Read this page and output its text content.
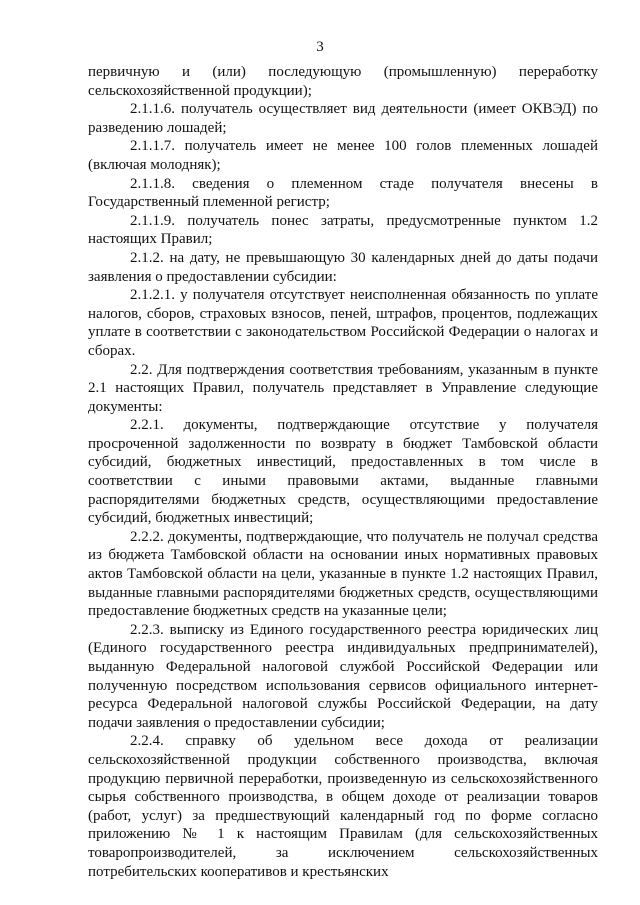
3

первичную и (или) последующую (промышленную) переработку сельскохозяйственной продукции);

2.1.1.6. получатель осуществляет вид деятельности (имеет ОКВЭД) по разведению лошадей;

2.1.1.7. получатель имеет не менее 100 голов племенных лошадей (включая молодняк);

2.1.1.8. сведения о племенном стаде получателя внесены в Государственный племенной регистр;

2.1.1.9. получатель понес затраты, предусмотренные пунктом 1.2 настоящих Правил;

2.1.2. на дату, не превышающую 30 календарных дней до даты подачи заявления о предоставлении субсидии:

2.1.2.1. у получателя отсутствует неисполненная обязанность по уплате налогов, сборов, страховых взносов, пеней, штрафов, процентов, подлежащих уплате в соответствии с законодательством Российской Федерации о налогах и сборах.

2.2. Для подтверждения соответствия требованиям, указанным в пункте 2.1 настоящих Правил, получатель представляет в Управление следующие документы:

2.2.1. документы, подтверждающие отсутствие у получателя просроченной задолженности по возврату в бюджет Тамбовской области субсидий, бюджетных инвестиций, предоставленных в том числе в соответствии с иными правовыми актами, выданные главными распорядителями бюджетных средств, осуществляющими предоставление субсидий, бюджетных инвестиций;

2.2.2. документы, подтверждающие, что получатель не получал средства из бюджета Тамбовской области на основании иных нормативных правовых актов Тамбовской области на цели, указанные в пункте 1.2 настоящих Правил, выданные главными распорядителями бюджетных средств, осуществляющими предоставление бюджетных средств на указанные цели;

2.2.3. выписку из Единого государственного реестра юридических лиц (Единого государственного реестра индивидуальных предпринимателей), выданную Федеральной налоговой службой Российской Федерации или полученную посредством использования сервисов официального интернет-ресурса Федеральной налоговой службы Российской Федерации, на дату подачи заявления о предоставлении субсидии;

2.2.4. справку об удельном весе дохода от реализации сельскохозяйственной продукции собственного производства, включая продукцию первичной переработки, произведенную из сельскохозяйственного сырья собственного производства, в общем доходе от реализации товаров (работ, услуг) за предшествующий календарный год по форме согласно приложению № 1 к настоящим Правилам (для сельскохозяйственных товаропроизводителей, за исключением сельскохозяйственных потребительских кооперативов и крестьянских
